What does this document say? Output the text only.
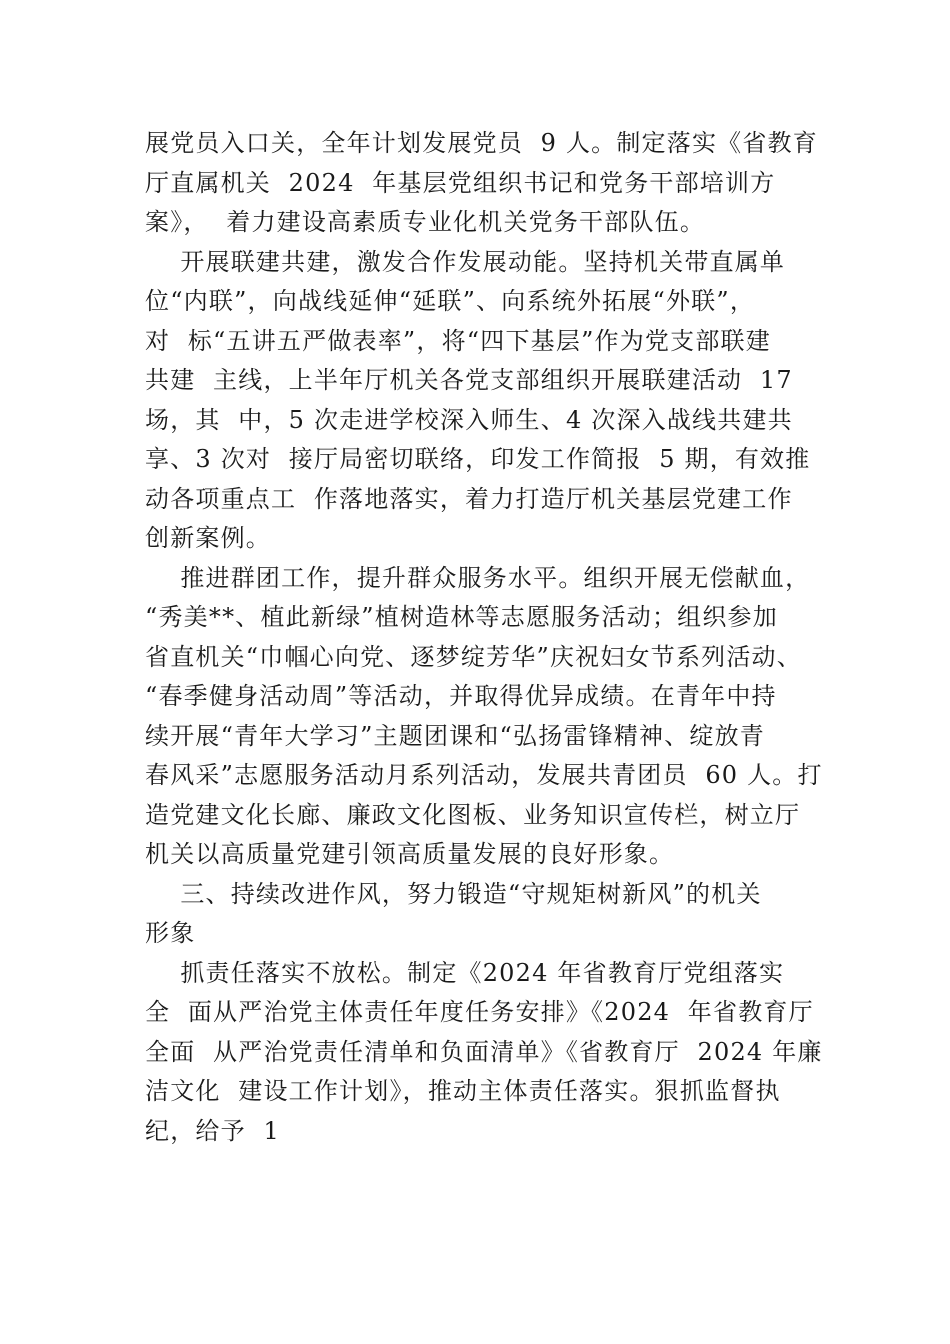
展党员入口关，全年计划发展党员  9 人。制定落实《省教育
厅直属机关  2024  年基层党组织书记和党务干部培训方
案》，  着力建设高素质专业化机关党务干部队伍。
开展联建共建，激发合作发展动能。坚持机关带直属单
位“内联”，向战线延伸“延联”、向系统外拓展“外联”，
对  标“五讲五严做表率”，将“四下基层”作为党支部联建
共建  主线，上半年厅机关各党支部组织开展联建活动  17
场，其  中，5 次走进学校深入师生、4 次深入战线共建共
享、3 次对  接厅局密切联络，印发工作简报  5 期，有效推
动各项重点工  作落地落实，着力打造厅机关基层党建工作
创新案例。
推进群团工作，提升群众服务水平。组织开展无偿献血，
“秀美**、植此新绿”植树造林等志愿服务活动；组织参加
省直机关“巾帼心向党、逐梦绽芳华”庆祝妇女节系列活动、
“春季健身活动周”等活动，并取得优异成绩。在青年中持
续开展“青年大学习”主题团课和“弘扬雷锋精神、绽放青
春风采”志愿服务活动月系列活动，发展共青团员  60 人。打
造党建文化长廊、廉政文化图板、业务知识宣传栏，树立厅
机关以高质量党建引领高质量发展的良好形象。
三、持续改进作风，努力锻造“守规矩树新风”的机关
形象
抓责任落实不放松。制定《2024 年省教育厅党组落实
全  面从严治党主体责任年度任务安排》《2024  年省教育厅
全面  从严治党责任清单和负面清单》《省教育厅  2024 年廉
洁文化  建设工作计划》，推动主体责任落实。狠抓监督执
纪，给予  1
